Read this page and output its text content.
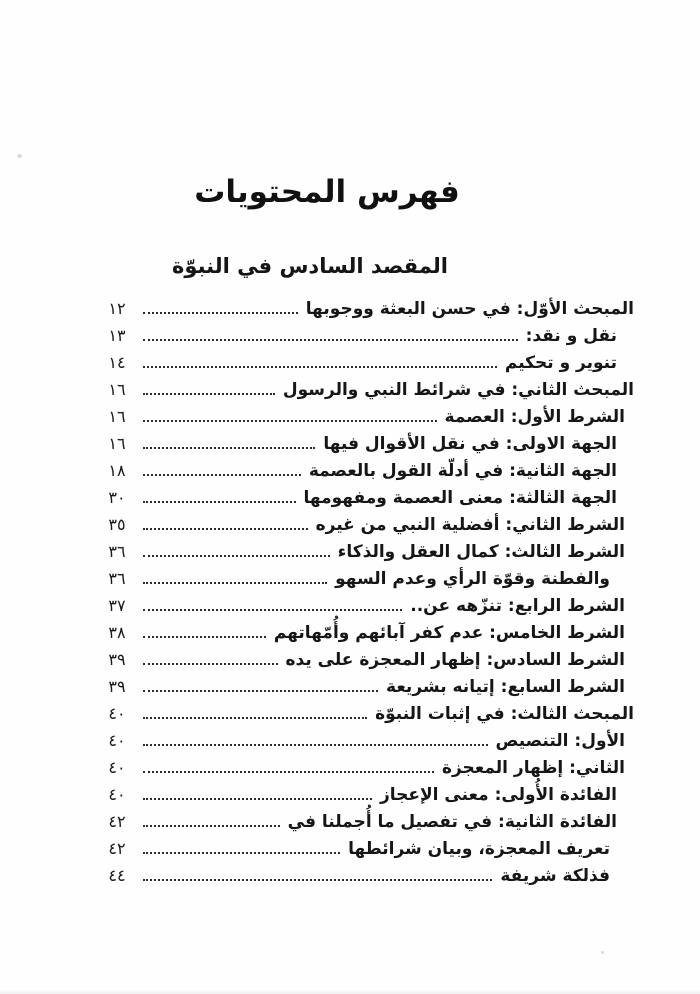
فهرس المحتويات
المقصد السادس في النبوّة
المبحث الأوّل: في حسن البعثة ووجوبها
١٢
نقل و نقد:
١٣
تنوير و تحكيم
١٤
المبحث الثاني: في شرائط النبي والرسول
١٦
الشرط الأول: العصمة
١٦
الجهة الاولى: في نقل الأقوال فيها
١٦
الجهة الثانية: في أدلّة القول بالعصمة
١٨
الجهة الثالثة: معنى العصمة ومفهومها
٣٠
الشرط الثاني: أفضلية النبي من غيره
٣٥
الشرط الثالث: كمال العقل والذكاء
٣٦
والفطنة وقوّة الرأي وعدم السهو
٣٦
الشرط الرابع: تنزّهه عن..
٣٧
الشرط الخامس: عدم كفر آبائهم وأُمّهاتهم
٣٨
الشرط السادس: إظهار المعجزة على يده
٣٩
الشرط السابع: إتيانه بشريعة
٣٩
المبحث الثالث: في إثبات النبوّة
٤٠
الأول: التنصيص
٤٠
الثاني: إظهار المعجزة
٤٠
الفائدة الأُولى: معنى الإعجاز
٤٠
الفائدة الثانية: في تفصيل ما أُجملنا في
٤٢
تعريف المعجزة، وبيان شرائطها
٤٢
فذلكة شريفة
٤٤
